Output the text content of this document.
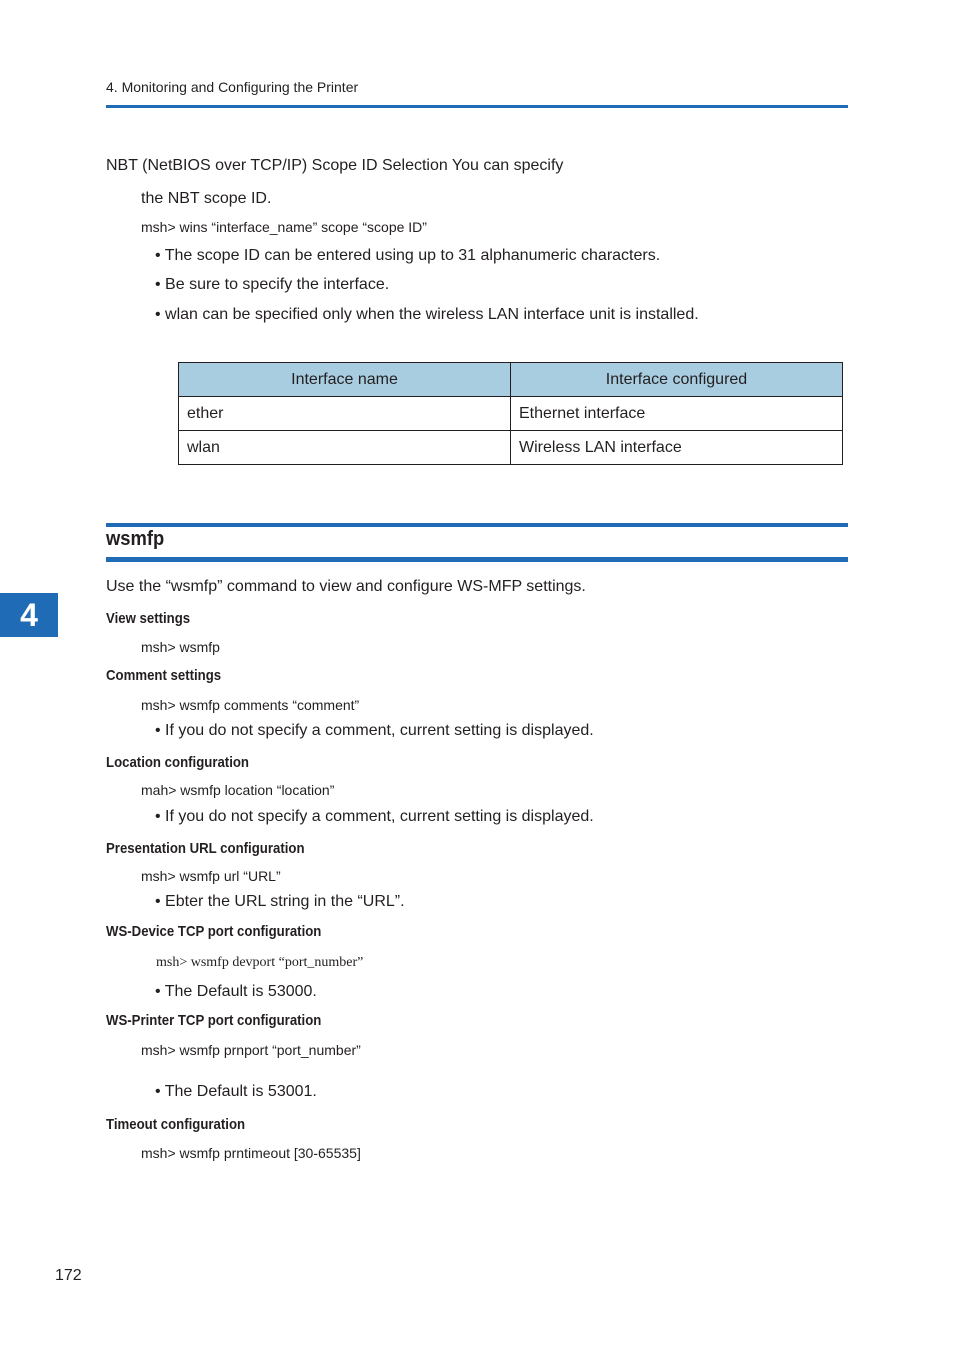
4. Monitoring and Configuring the Printer
NBT (NetBIOS over TCP/IP) Scope ID Selection You can specify
the NBT scope ID.
msh> wins “interface_name” scope “scope ID”
• The scope ID can be entered using up to 31 alphanumeric characters.
• Be sure to specify the interface.
• wlan can be specified only when the wireless LAN interface unit is installed.
Interface name	Interface configured
ether	Ethernet interface
wlan	Wireless LAN interface
wsmfp
4
Use the “wsmfp” command to view and configure WS-MFP settings.
View settings
msh> wsmfp
Comment settings
msh> wsmfp comments “comment”
• If you do not specify a comment, current setting is displayed.
Location configuration
mah> wsmfp location “location”
• If you do not specify a comment, current setting is displayed.
Presentation URL configuration
msh> wsmfp url “URL”
• Ebter the URL string in the “URL”.
WS-Device TCP port configuration
msh> wsmfp devport “port_number”
• The Default is 53000.
WS-Printer TCP port configuration
msh> wsmfp prnport “port_number”
• The Default is 53001.
Timeout configuration
msh> wsmfp prntimeout [30-65535]
172
